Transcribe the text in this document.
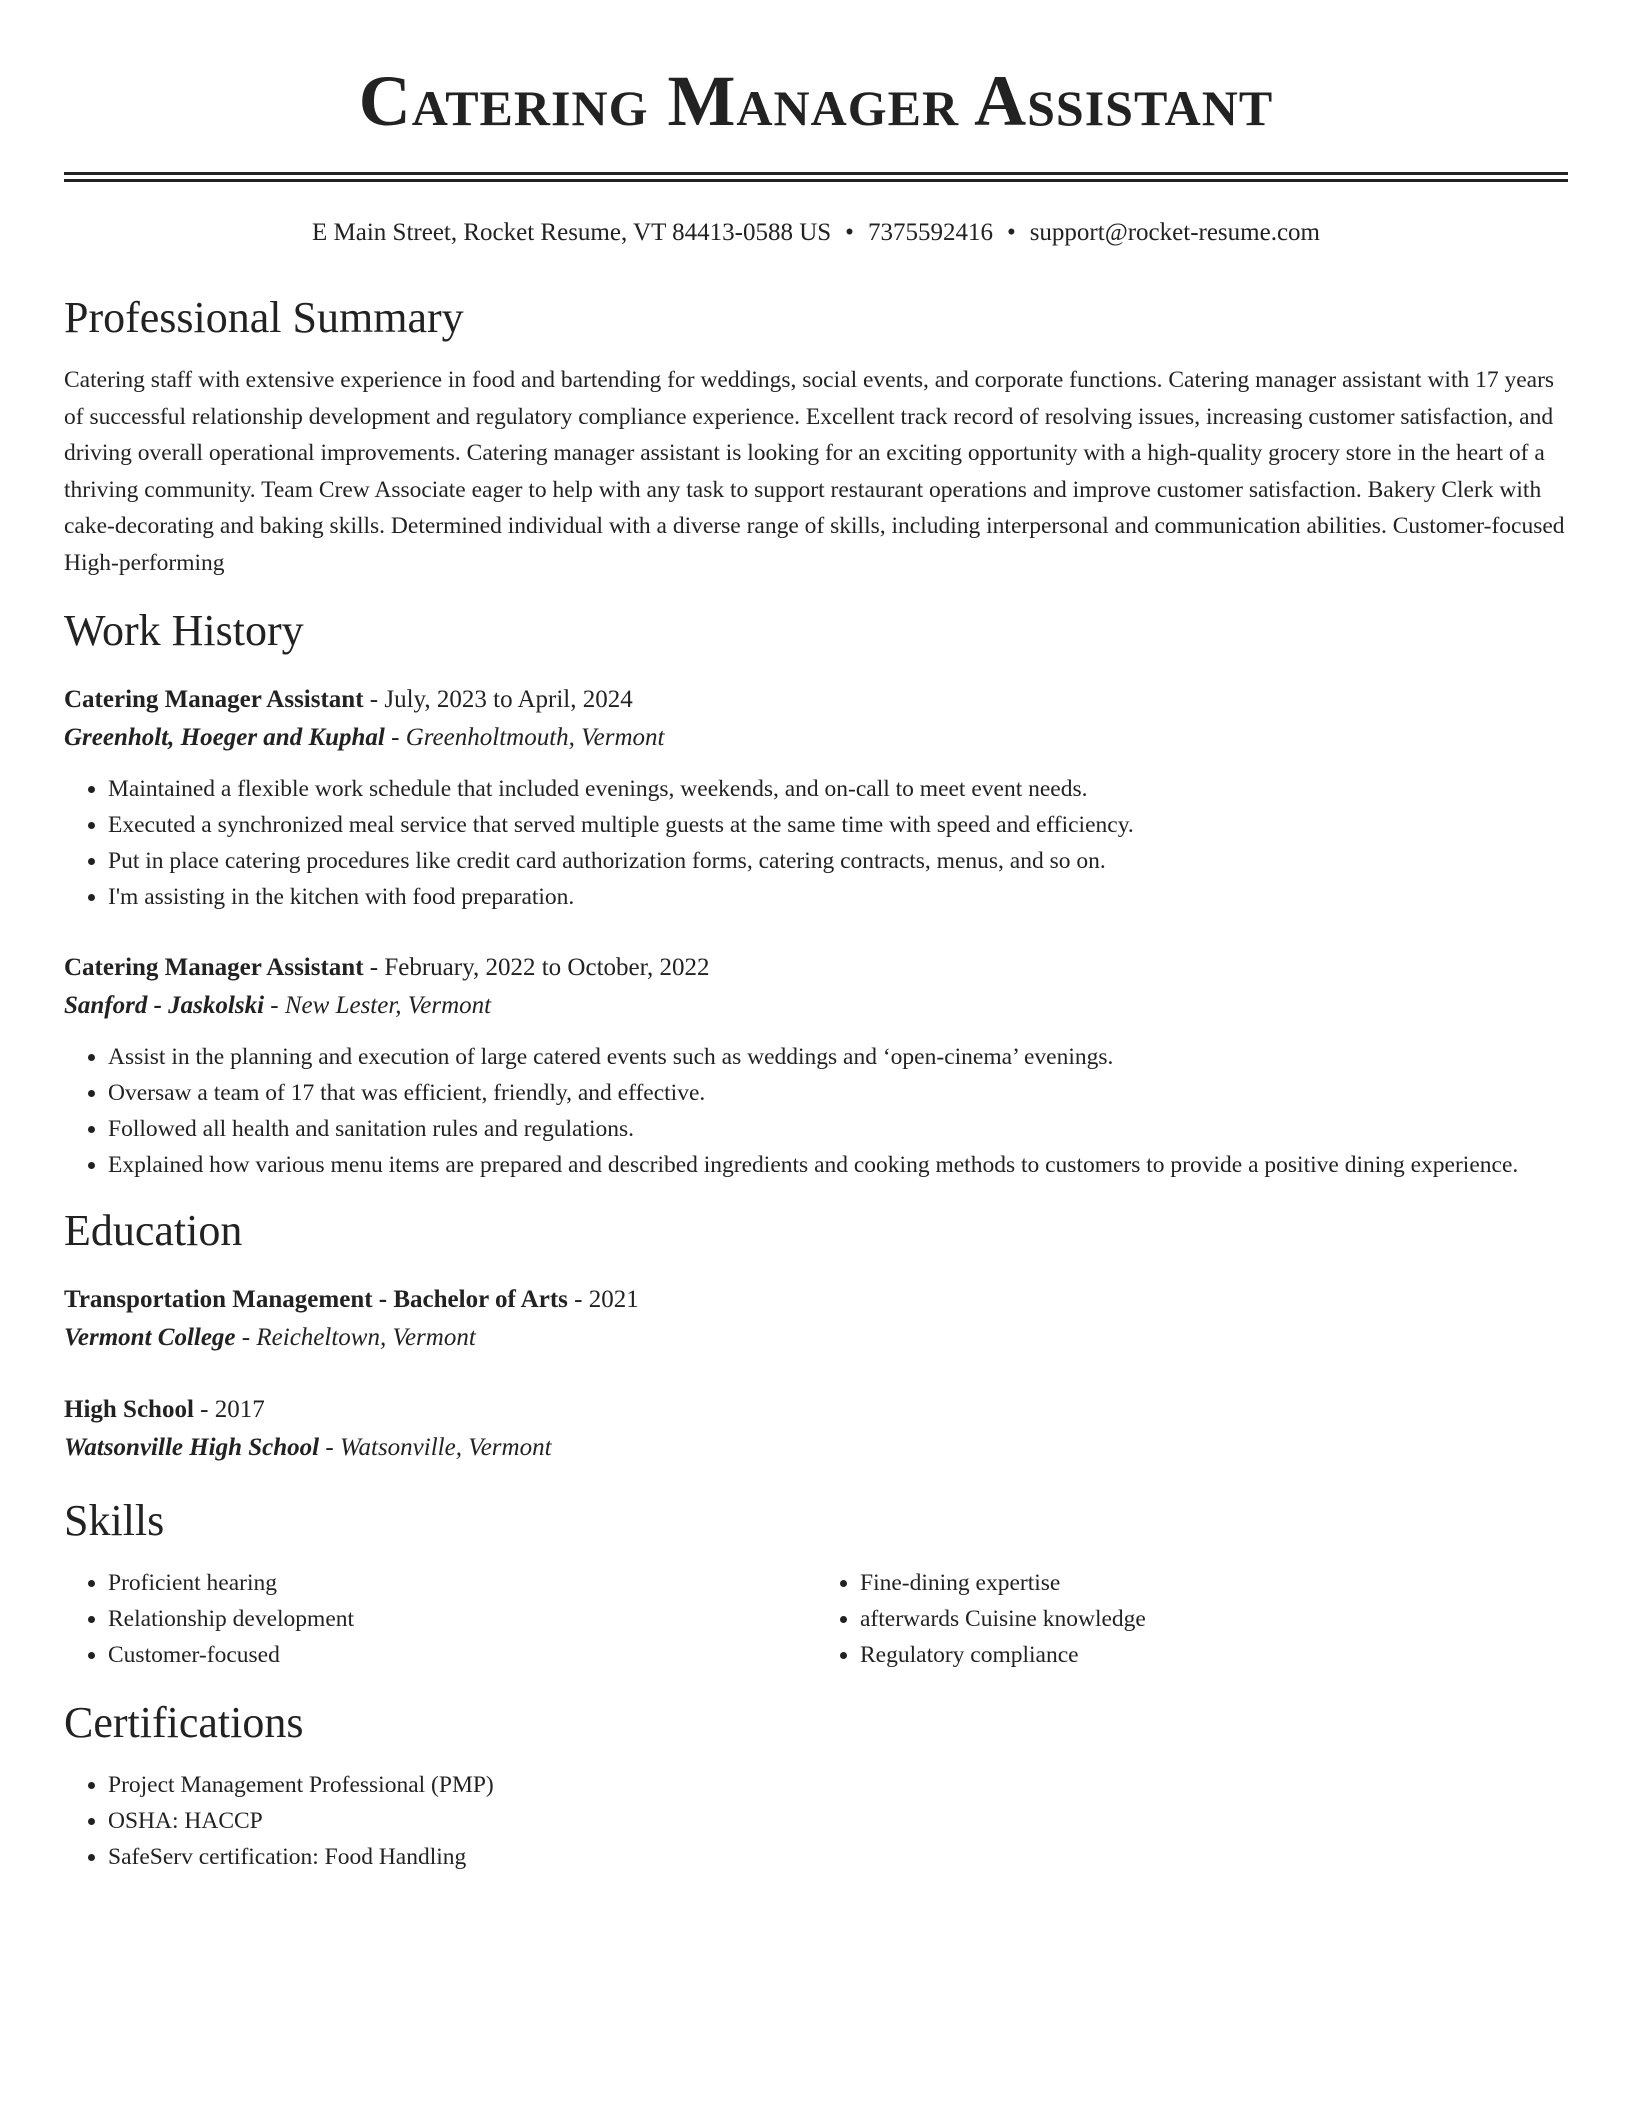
Catering Manager Assistant
E Main Street, Rocket Resume, VT 84413-0588 US • 7375592416 • support@rocket-resume.com
Professional Summary
Catering staff with extensive experience in food and bartending for weddings, social events, and corporate functions. Catering manager assistant with 17 years of successful relationship development and regulatory compliance experience. Excellent track record of resolving issues, increasing customer satisfaction, and driving overall operational improvements. Catering manager assistant is looking for an exciting opportunity with a high-quality grocery store in the heart of a thriving community. Team Crew Associate eager to help with any task to support restaurant operations and improve customer satisfaction. Bakery Clerk with cake-decorating and baking skills. Determined individual with a diverse range of skills, including interpersonal and communication abilities. Customer-focused High-performing
Work History
Catering Manager Assistant - July, 2023 to April, 2024
Greenholt, Hoeger and Kuphal - Greenholtmouth, Vermont
• Maintained a flexible work schedule that included evenings, weekends, and on-call to meet event needs.
• Executed a synchronized meal service that served multiple guests at the same time with speed and efficiency.
• Put in place catering procedures like credit card authorization forms, catering contracts, menus, and so on.
• I'm assisting in the kitchen with food preparation.
Catering Manager Assistant - February, 2022 to October, 2022
Sanford - Jaskolski - New Lester, Vermont
• Assist in the planning and execution of large catered events such as weddings and ‘open-cinema’ evenings.
• Oversaw a team of 17 that was efficient, friendly, and effective.
• Followed all health and sanitation rules and regulations.
• Explained how various menu items are prepared and described ingredients and cooking methods to customers to provide a positive dining experience.
Education
Transportation Management - Bachelor of Arts - 2021
Vermont College - Reicheltown, Vermont
High School - 2017
Watsonville High School - Watsonville, Vermont
Skills
• Proficient hearing
• Relationship development
• Customer-focused
• Fine-dining expertise
• afterwards Cuisine knowledge
• Regulatory compliance
Certifications
• Project Management Professional (PMP)
• OSHA: HACCP
• SafeServ certification: Food Handling
